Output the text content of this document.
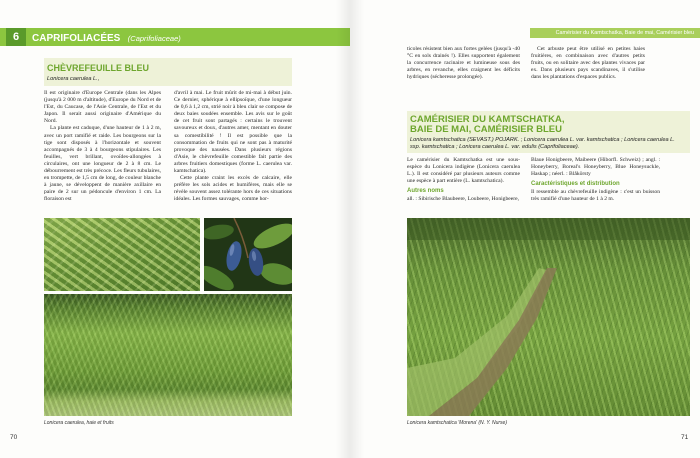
6	CAPRIFOLIACÉES (Caprifoliaceae)
CHÈVREFEUILLE BLEU
Lonicera caerulea L.,

Il est originaire d'Europe Centrale (dans les Alpes (jusqu'à 2 000 m d'altitude), d'Europe du Nord et de l'Est, du Caucase, de l'Asie Centrale, de l'Est et du Japon. Il serait aussi originaire d'Amérique du Nord.

La plante est caduque, d'une hauteur de 1 à 2 m, avec un port ramifié et raide. Les bourgeons sur la tige sont disposés à l'horizontale et souvent accompagnés de 3 à 4 bourgeons stipulaires. Les feuilles, vert brillant, ovoïdes-allongées à circulaires, ont une longueur de 2 à 8 cm. Le débourrement est très précoce. Les fleurs tubulaires, en trompette, de 1,5 cm de long, de couleur blanche à jaune, se développent de manière axillaire en paire de 2 sur un pédoncule d'environ 1 cm. La floraison est

d'avril à mai. Le fruit mûrit de mi-mai à début juin. Ce dernier, sphérique à ellipsoïque, d'une longueur de 0,6 à 1,2 cm, strié noir à bleu clair se compose de deux baies soudées ensemble. Les avis sur le goût de cet fruit sont partagés : certains le trouvent savoureux et doux, d'autres amer, mentant en douter sa comestibilité ! Il est possible que la consommation de fruits qui ne sont pas à maturité provoque des nausées. Dans plusieurs régions d'Asie, le chèvrefeuille comestible fait partie des arbres fruitiers domestiques (forme L. caerulea var. kamtschatica).

Cette plante craint les excès de calcaire, elle préfère les sols acides et humifères, mais elle se révèle souvent assez tolérante hors de ces situations idéales. Les formes sauvages, comme hor-

Lonicera caerulea, haie et fruits
70
Camérisier du Kamtschatka, Baie de mai, Camérisier bleu

ticoles résistent bien aux fortes gelées (jusqu'à -40 °C en sols drainés !). Elles supportent également la concurrence racinaire et lumineuse sous des arbres, en revanche, elles craignent les déficits hydriques (sécheresse prolongée).

Cet arbuste peut être utilisé en petites haies fruitières, en combinaison avec d'autres petits fruits, ou en solitaire avec des plantes vivaces par ex. Dans plusieurs pays scandinaves, il s'utilise dans les plantations d'espaces publics.

CAMÉRISIER DU KAMTSCHATKA,
BAIE DE MAI, CAMÉRISIER BLEU
Lonicera kamtschatica (SEVAST.) POJARK. ; Lonicera caerulea L. var. kamtschatica ; Lonicera caerulea L. ssp. kamtschatica ; Lonicera caerulea L. var. edulis (Caprifoliaceae).

Le camérisier du Kamtschatka est une sous-espèce du Lonicera indigène (Lonicera caerulea L.). Il est considéré par plusieurs auteurs comme une espèce à part entière (L. kamtschatica).

Autres noms

all. : Sibirische Blaubeere, Loubeere, Honigbeere,

Blaue Honigbeere, Maibeere (Hiborfl. Schweiz) ; angl. : Honeyberry, Boreal's Honeyberry, Blue Honeysuckle, Haskap ; néerl. : Blåkörsty

Caractéristiques et distribution

Il ressemble au chèvrefeuille indigène : c'est un buisson très ramifié d'une hauteur de 1 à 2 m.

Lonicera kamtschatica 'Morena' (N. Y. Nurse)
71
